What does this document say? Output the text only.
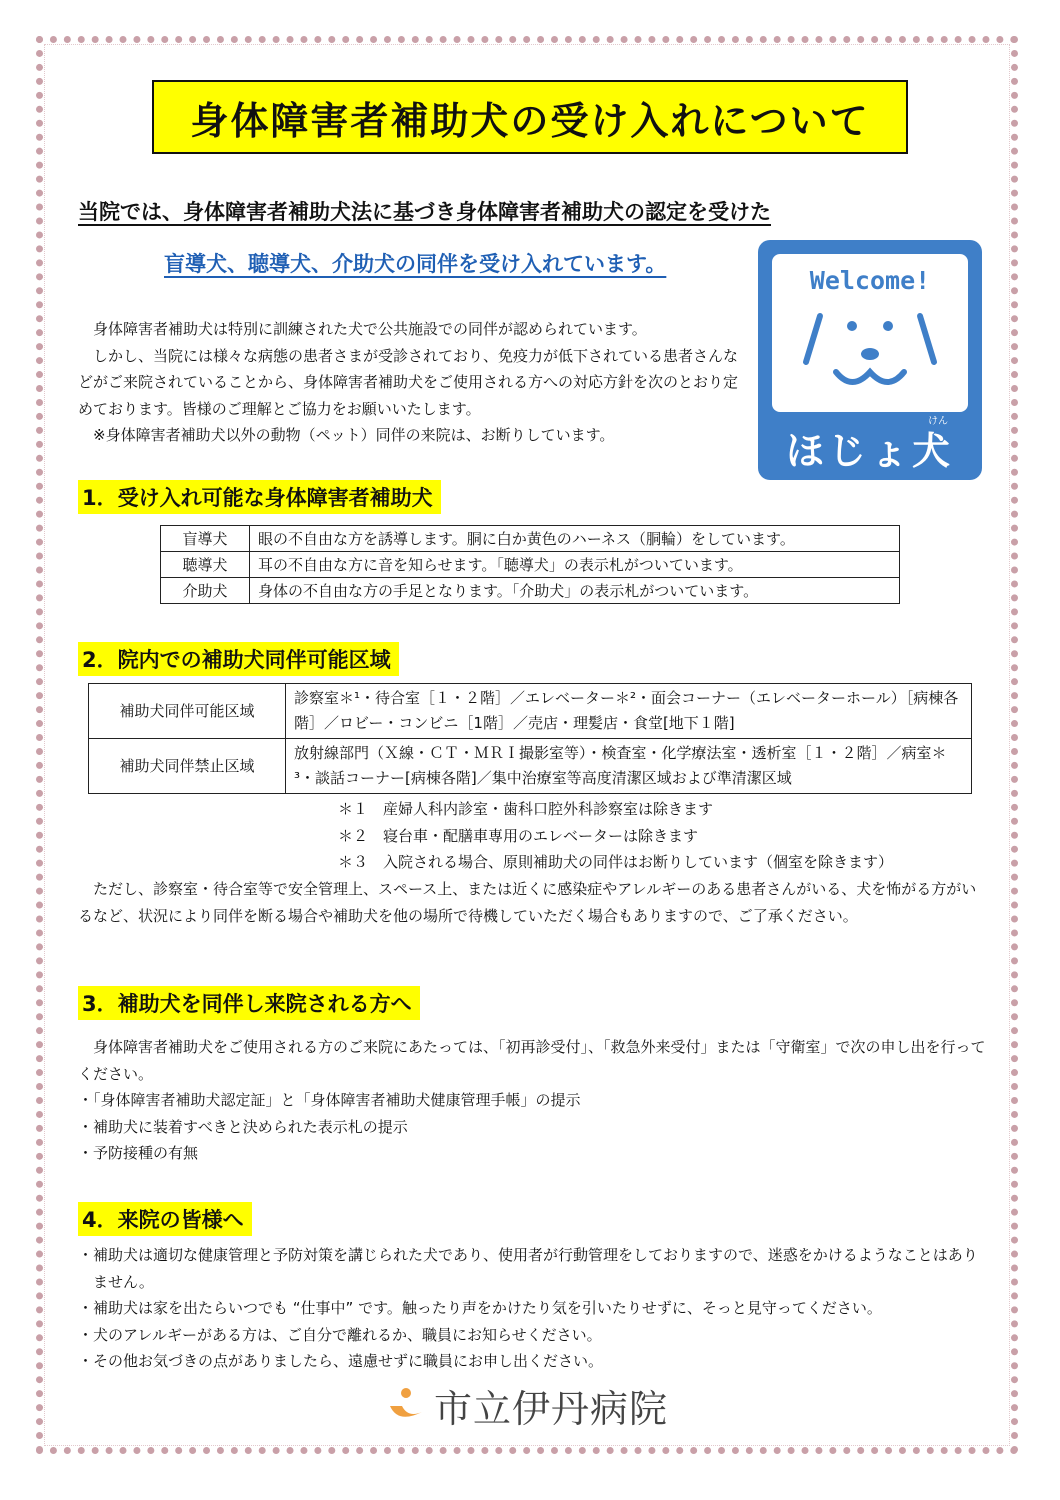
身体障害者補助犬の受け入れについて
当院では、身体障害者補助犬法に基づき身体障害者補助犬の認定を受けた
盲導犬、聴導犬、介助犬の同伴を受け入れています。

身体障害者補助犬は特別に訓練された犬で公共施設での同伴が認められています。

しかし、当院には様々な病態の患者さまが受診されており、免疫力が低下されている患者さんなどがご来院されていることから、身体障害者補助犬をご使用される方への対応方針を次のとおり定めております。皆様のご理解とご協力をお願いいたします。

※身体障害者補助犬以外の動物（ペット）同伴の来院は、お断りしています。

Welcome!
けん
ほじょ犬
1．受け入れ可能な身体障害者補助犬
盲導犬	眼の不自由な方を誘導します。胴に白か黄色のハーネス（胴輪）をしています。
聴導犬	耳の不自由な方に音を知らせます。「聴導犬」の表示札がついています。
介助犬	身体の不自由な方の手足となります。「介助犬」の表示札がついています。
2．院内での補助犬同伴可能区域
補助犬同伴可能区域	診察室＊¹・待合室［１・２階］／エレベーター＊²・面会コーナー（エレベーターホール）［病棟各階］／ロビー・コンビニ［1階］／売店・理髪店・食堂[地下１階]
補助犬同伴禁止区域	放射線部門（Ｘ線・ＣＴ・ＭＲＩ撮影室等）・検査室・化学療法室・透析室［１・２階］／病室＊³・談話コーナー[病棟各階]／集中治療室等高度清潔区域および準清潔区域
＊１　産婦人科内診室・歯科口腔外科診察室は除きます
＊２　寝台車・配膳車専用のエレベーターは除きます
＊３　入院される場合、原則補助犬の同伴はお断りしています（個室を除きます）
ただし、診察室・待合室等で安全管理上、スペース上、または近くに感染症やアレルギーのある患者さんがいる、犬を怖がる方がいるなど、状況により同伴を断る場合や補助犬を他の場所で待機していただく場合もありますので、ご了承ください。
3．補助犬を同伴し来院される方へ

身体障害者補助犬をご使用される方のご来院にあたっては、「初再診受付」、「救急外来受付」または「守衛室」で次の申し出を行ってください。

・「身体障害者補助犬認定証」と「身体障害者補助犬健康管理手帳」の提示

・補助犬に装着すべきと決められた表示札の提示

・予防接種の有無

4．来院の皆様へ

・補助犬は適切な健康管理と予防対策を講じられた犬であり、使用者が行動管理をしておりますので、迷惑をかけるようなことはありません。

・補助犬は家を出たらいつでも “仕事中” です。触ったり声をかけたり気を引いたりせずに、そっと見守ってください。

・犬のアレルギーがある方は、ご自分で離れるか、職員にお知らせください。

・その他お気づきの点がありましたら、遠慮せずに職員にお申し出ください。

市立伊丹病院
